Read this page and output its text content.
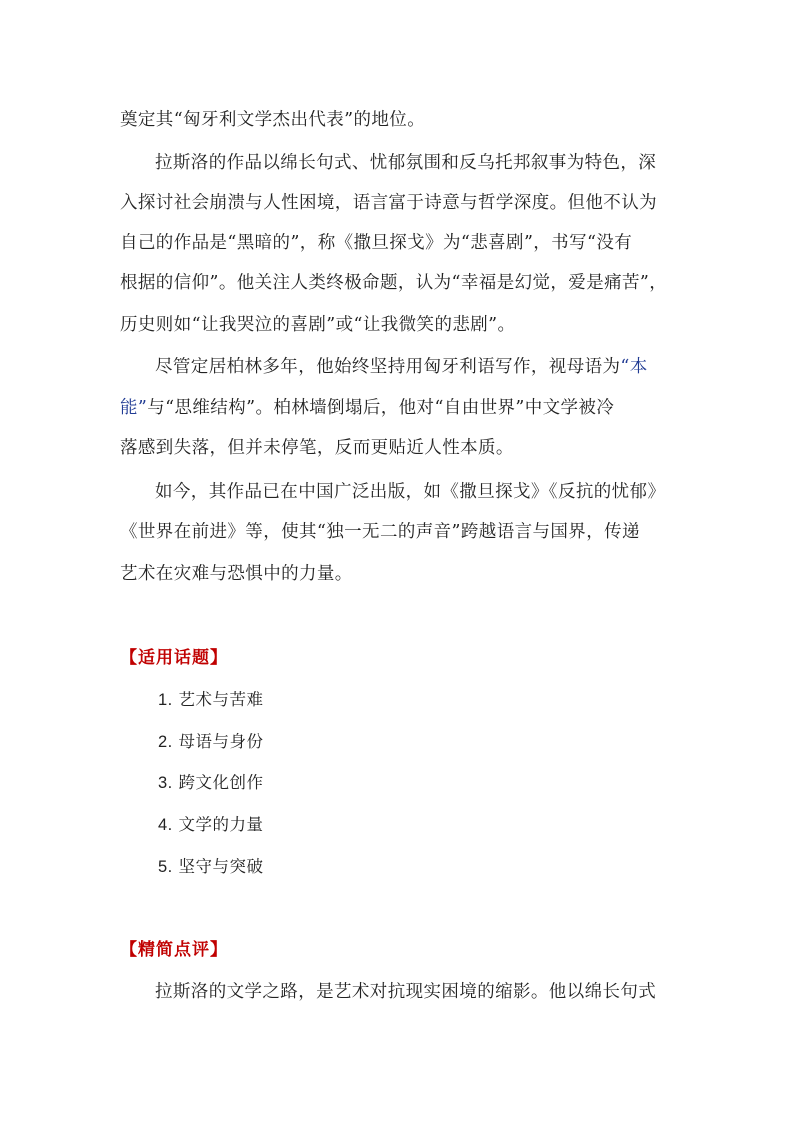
奠定其“匈牙利文学杰出代表”的地位。
拉斯洛的作品以绵长句式、忧郁氛围和反乌托邦叙事为特色，深
入探讨社会崩溃与人性困境，语言富于诗意与哲学深度。但他不认为
自己的作品是“黑暗的”，称《撒旦探戈》为“悲喜剧”，书写“没有
根据的信仰”。他关注人类终极命题，认为“幸福是幻觉，爱是痛苦”，
历史则如“让我哭泣的喜剧”或“让我微笑的悲剧”。
尽管定居柏林多年，他始终坚持用匈牙利语写作，视母语为“本
能”与“思维结构”。柏林墙倒塌后，他对“自由世界”中文学被冷
落感到失落，但并未停笔，反而更贴近人性本质。
如今，其作品已在中国广泛出版，如《撒旦探戈》《反抗的忧郁》
《世界在前进》等，使其“独一无二的声音”跨越语言与国界，传递
艺术在灾难与恐惧中的力量。
【适用话题】
1. 艺术与苦难
2. 母语与身份
3. 跨文化创作
4. 文学的力量
5. 坚守与突破
【精简点评】
拉斯洛的文学之路，是艺术对抗现实困境的缩影。他以绵长句式
